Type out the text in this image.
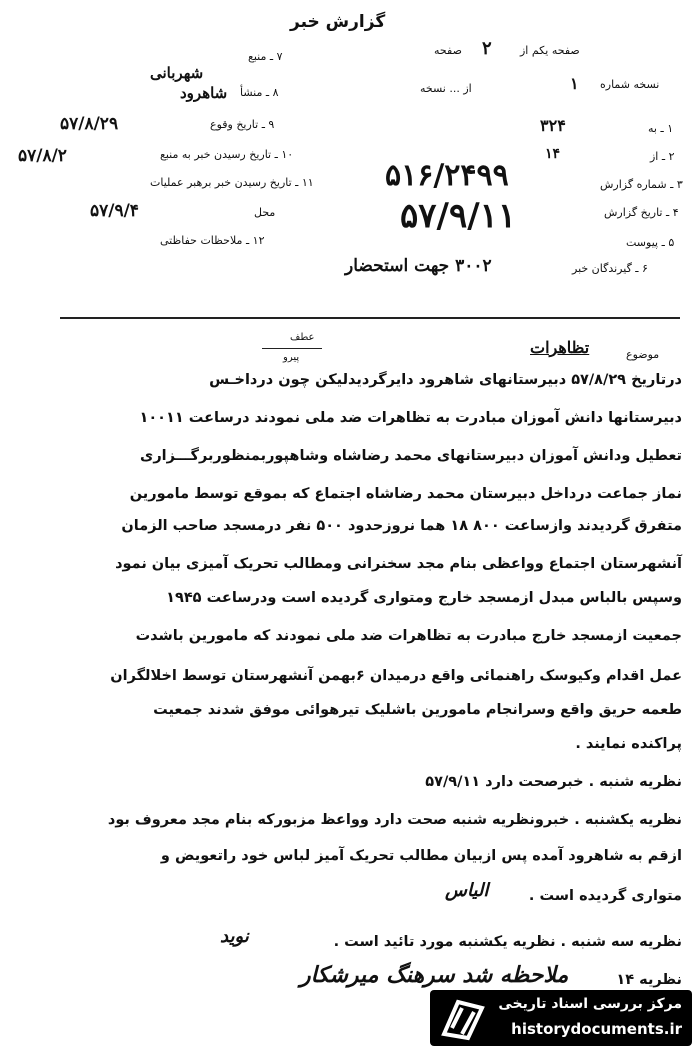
گزارش خبر
۷ ـ منبع
شهربانی
۸ ـ منشأ
شاهرود
۹ ـ تاریخ وقوع
۵۷/۸/۲۹
۱۰ ـ تاریخ رسیدن خبر به منبع
۵۷/۸/۲
۱۱ ـ تاریخ رسیدن خبر برهبر عملیات
محل
۵۷/۹/۴
۱۲ ـ ملاحظات حفاظتی
صفحه یکم از
۲
صفحه
نسخه شماره
۱
از ... نسخه
۱ ـ به
۳۲۴
۲ ـ از
۱۴
۳ ـ شماره گزارش
۵۱۶/۲۴۹۹
۴ ـ تاریخ گزارش
۵۷/۹/۱۱
۵ ـ پیوست
۶ ـ گیرندگان خبر
۳۰۰۲ جهت استحضار
عطف
پیرو
تظاهرات	موضوع
درتاریخ ۵۷/۸/۲۹ دبیرستانهای شاهرود دایرگردیدلیکن چون درداخـس
دبیرستانها دانش آموزان مبادرت به تظاهرات ضد ملی نمودند درساعت ۱۰۰۱۱
تعطیل ودانش آموزان دبیرستانهای محمد رضاشاه وشاهپوربمنظوربرگـــزاری
نماز جماعت درداخل دبیرستان محمد رضاشاه اجتماع که بموقع توسط مامورین
متفرق گردیدند وازساعت ۸۰۰ ۱۸ هما نروزحدود ۵۰۰ نفر درمسجد صاحب الزمان
آنشهرستان اجتماع وواعظی بنام مجد سخنرانی ومطالب تحریک آمیزی بیان نمود
وسپس بالباس مبدل ازمسجد خارج ومتواری گردیده است ودرساعت ۱۹۴۵
جمعیت ازمسجد خارج مبادرت به تظاهرات ضد ملی نمودند که مامورین باشدت
عمل اقدام وکیوسک راهنمائی واقع درمیدان ۶بهمن آنشهرستان توسط اخلالگران
طعمه حریق واقع وسرانجام مامورین باشلیک تیرهوائی موفق شدند جمعیت
پراکنده نمایند .
نظریه شنبه . خبرصحت دارد ۵۷/۹/۱۱
نظریه یکشنبه . خبرونظریه شنبه صحت دارد وواعظ مزبورکه بنام مجد معروف بود
ازقم به شاهرود آمده پس ازبیان مطالب تحریک آمیز لباس خود راتعویض و
متواری گردیده است .
الیاس
نظریه سه شنبه . نظریه یکشنبه مورد تائید است .
نوید
نظریه ۱۴
ملاحظه شد سرهنگ میرشکار
مرکز بررسی اسناد تاریخی
historydocuments.ir
